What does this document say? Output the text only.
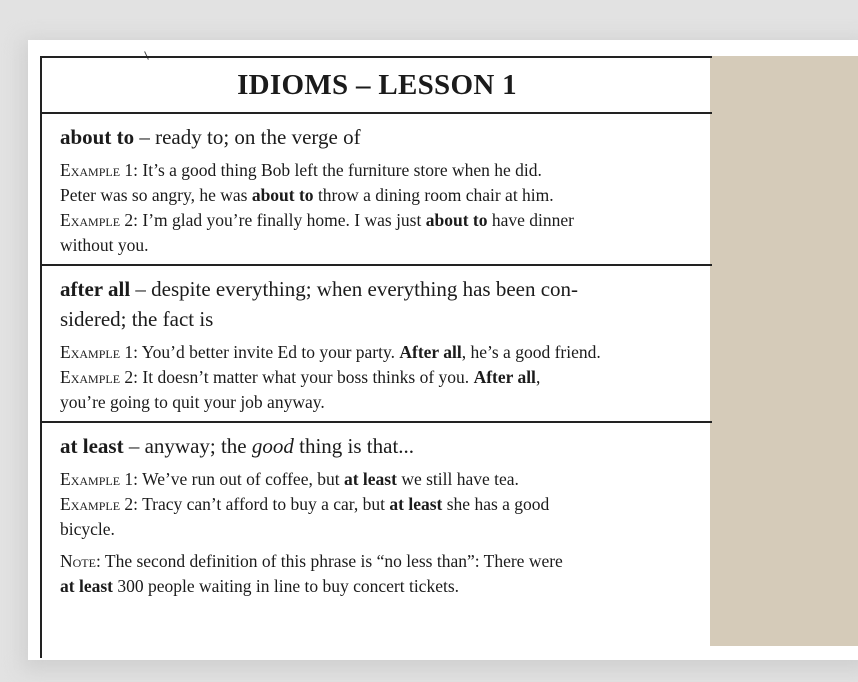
IDIOMS – LESSON 1
about to – ready to; on the verge of
Example 1: It’s a good thing Bob left the furniture store when he did.
Peter was so angry, he was about to throw a dining room chair at him.
Example 2: I’m glad you’re finally home. I was just about to have dinner
without you.
after all – despite everything; when everything has been con-
sidered; the fact is
Example 1: You’d better invite Ed to your party. After all, he’s a good friend.
Example 2: It doesn’t matter what your boss thinks of you. After all,
you’re going to quit your job anyway.
at least – anyway; the good thing is that...
Example 1: We’ve run out of coffee, but at least we still have tea.
Example 2: Tracy can’t afford to buy a car, but at least she has a good
bicycle.
Note: The second definition of this phrase is “no less than”: There were
at least 300 people waiting in line to buy concert tickets.
